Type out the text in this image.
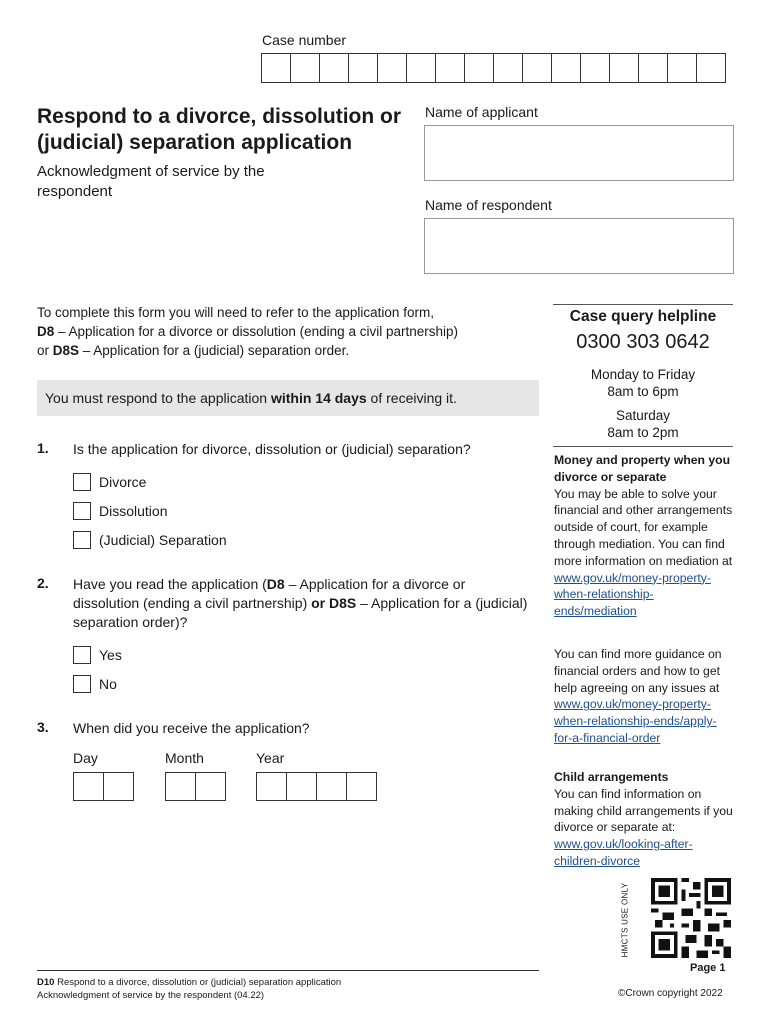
Case number
Respond to a divorce, dissolution or (judicial) separation application
Acknowledgment of service by the respondent
Name of applicant
Name of respondent
To complete this form you will need to refer to the application form,
D8 – Application for a divorce or dissolution (ending a civil partnership)
or D8S – Application for a (judicial) separation order.
You must respond to the application within 14 days of receiving it.
1. Is the application for divorce, dissolution or (judicial) separation?
Divorce
Dissolution
(Judicial) Separation
2. Have you read the application (D8 – Application for a divorce or dissolution (ending a civil partnership) or D8S – Application for a (judicial) separation order)?
Yes
No
3. When did you receive the application?
Day	Month	Year
Case query helpline
0300 303 0642
Monday to Friday
8am to 6pm
Saturday
8am to 2pm
Money and property when you divorce or separate
You may be able to solve your financial and other arrangements outside of court, for example through mediation. You can find more information on mediation at www.gov.uk/money-property-when-relationship-ends/mediation
You can find more guidance on financial orders and how to get help agreeing on any issues at www.gov.uk/money-property-when-relationship-ends/apply-for-a-financial-order
Child arrangements
You can find information on making child arrangements if you divorce or separate at: www.gov.uk/looking-after-children-divorce
HMCTS USE ONLY
Page 1
D10 Respond to a divorce, dissolution or (judicial) separation application
Acknowledgment of service by the respondent (04.22)	©Crown copyright 2022
